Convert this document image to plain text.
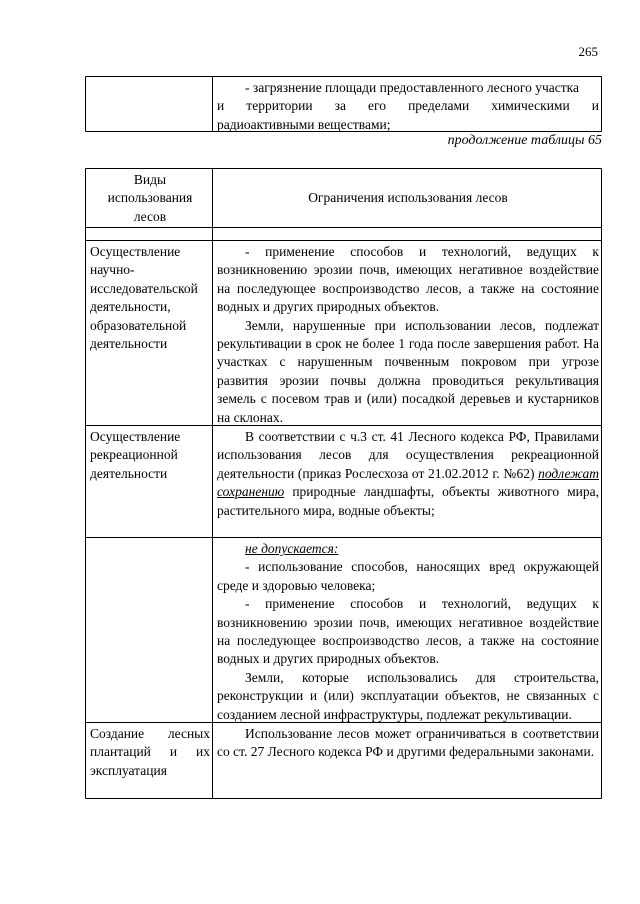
265
- загрязнение площади предоставленного лесного участка
и территории за его пределами химическими и
радиоактивными веществами;
продолжение таблицы 65
Виды
использования
лесов
Ограничения использования лесов
Осуществление
научно-
исследовательской
деятельности,
образовательной
деятельности
- применение способов и технологий, ведущих к возникновению эрозии почв, имеющих негативное воздействие на последующее воспроизводство лесов, а также на состояние водных и других природных объектов.
Земли, нарушенные при использовании лесов, подлежат рекультивации в срок не более 1 года после завершения работ. На участках с нарушенным почвенным покровом при угрозе развития эрозии почвы должна проводиться рекультивация земель с посевом трав и (или) посадкой деревьев и кустарников на склонах.
Осуществление
рекреационной
деятельности
В соответствии с ч.3 ст. 41 Лесного кодекса РФ, Правилами использования лесов для осуществления рекреационной деятельности (приказ Рослесхоза от 21.02.2012 г. №62) подлежат сохранению природные ландшафты, объекты животного мира, растительного мира, водные объекты;
не допускается:
- использование способов, наносящих вред окружающей среде и здоровью человека;
- применение способов и технологий, ведущих к возникновению эрозии почв, имеющих негативное воздействие на последующее воспроизводство лесов, а также на состояние водных и других природных объектов.
Земли, которые использовались для строительства, реконструкции и (или) эксплуатации объектов, не связанных с созданием лесной инфраструктуры, подлежат рекультивации.
Создание лесных
плантаций и их
эксплуатация
Использование лесов может ограничиваться в соответствии со ст. 27 Лесного кодекса РФ и другими федеральными законами.
